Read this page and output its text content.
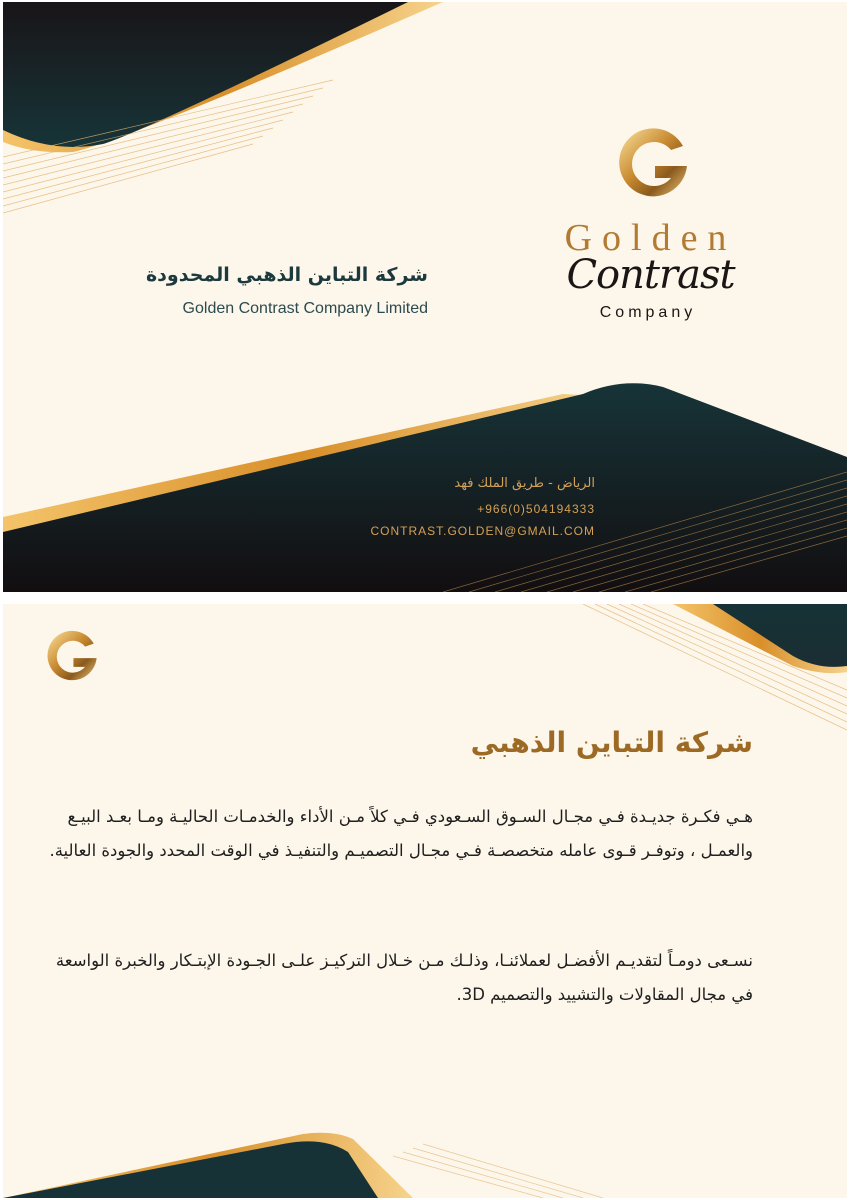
Golden
Contrast
Company
شركة التباين الذهبي المحدودة
Golden Contrast Company Limited
الرياض - طريق الملك فهد
+966(0)504194333
CONTRAST.GOLDEN@GMAIL.COM
شركة التباين الذهبي

هـي فكـرة جديـدة فـي مجـال السـوق السـعودي فـي كلاً مـن الأداء والخدمـات الحاليـة ومـا بعـد البيـع والعمـل ، وتوفـر قـوى عامله متخصصـة فـي مجـال التصميـم والتنفيـذ في الوقت المحدد والجودة العالية.

نسـعى دومـاً لتقديـم الأفضـل لعملائنـا، وذلـك مـن خـلال التركيـز علـى الجـودة الإبتـكار والخبرة الواسعة في مجال المقاولات والتشييد والتصميم 3D.
